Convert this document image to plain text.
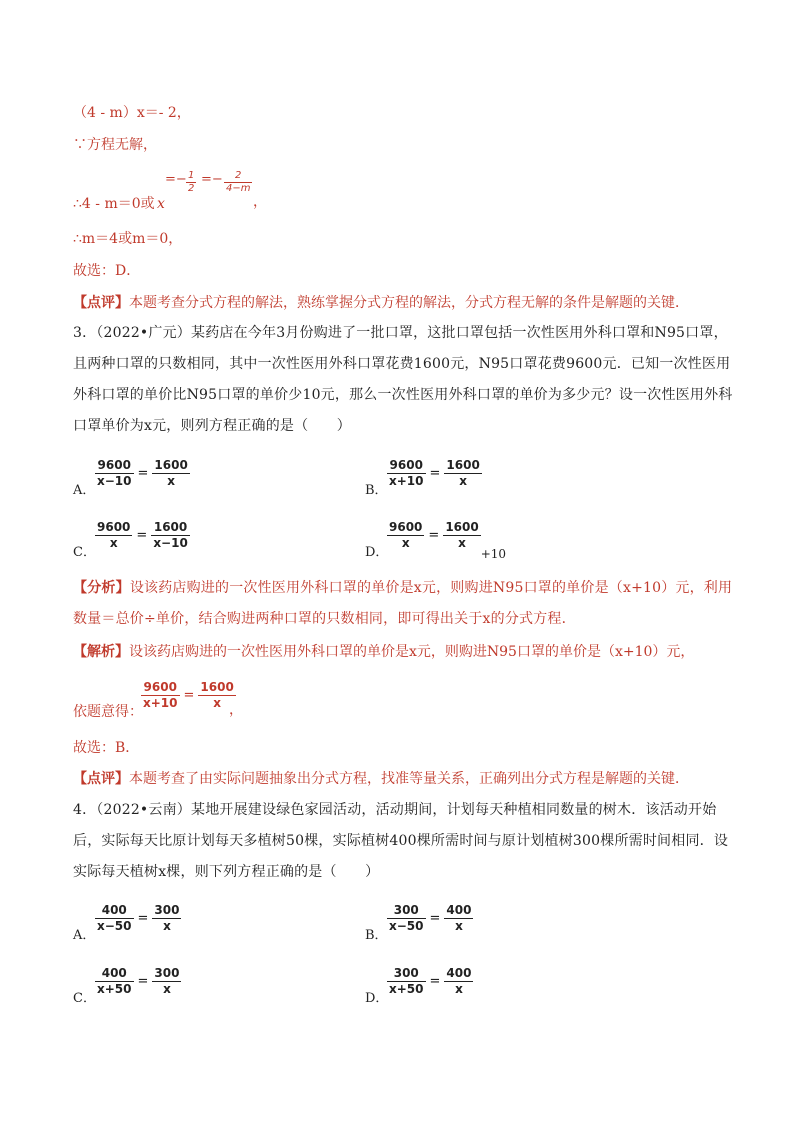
（4 - m）x＝- 2，
∵方程无解，
∴4 - m＝0或 x
=− $\frac{1}{2} =- \frac{2}{4-m}$
，
∴m＝4或m＝0，
故选：D．
【点评】本题考查分式方程的解法，熟练掌握分式方程的解法，分式方程无解的条件是解题的关键．
3．（2022•广元）某药店在今年3月份购进了一批口罩，这批口罩包括一次性医用外科口罩和N95口罩，且两种口罩的只数相同，其中一次性医用外科口罩花费1600元，N95口罩花费9600元．已知一次性医用外科口罩的单价比N95口罩的单价少10元，那么一次性医用外科口罩的单价为多少元？设一次性医用外科口罩单价为x元，则列方程正确的是（　　）
A．
$\frac{9600}{x-10} = \frac{1600}{x}$
B．
$\frac{9600}{x+10} = \frac{1600}{x}$
C．
$\frac{9600}{x} = \frac{1600}{x-10}$
D．
$\frac{9600}{x} = \frac{1600}{x}$
+10
【分析】设该药店购进的一次性医用外科口罩的单价是x元，则购进N95口罩的单价是（x+10）元，利用数量＝总价÷单价，结合购进两种口罩的只数相同，即可得出关于x的分式方程．
【解析】设该药店购进的一次性医用外科口罩的单价是x元，则购进N95口罩的单价是（x+10）元，
依题意得：
$\frac{9600}{x+10} = \frac{1600}{x}$
，
故选：B．
【点评】本题考查了由实际问题抽象出分式方程，找准等量关系，正确列出分式方程是解题的关键．
4．（2022•云南）某地开展建设绿色家园活动，活动期间，计划每天种植相同数量的树木．该活动开始后，实际每天比原计划每天多植树50棵，实际植树400棵所需时间与原计划植树300棵所需时间相同．设实际每天植树x棵，则下列方程正确的是（　　）
A．
$\frac{400}{x-50} = \frac{300}{x}$
B．
$\frac{300}{x-50} = \frac{400}{x}$
C．
$\frac{400}{x+50} = \frac{300}{x}$
D．
$\frac{300}{x+50} = \frac{400}{x}$
